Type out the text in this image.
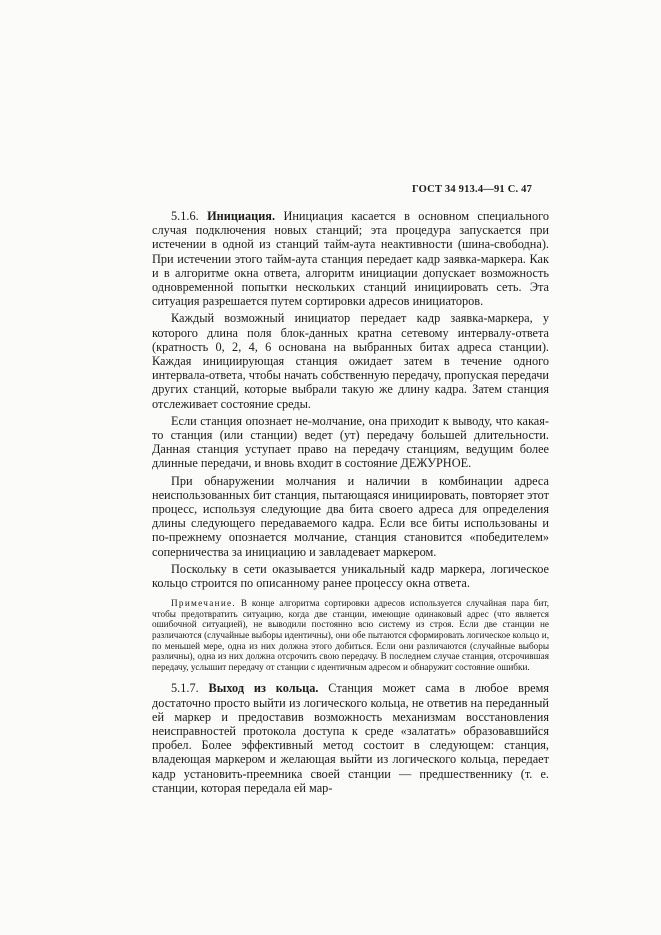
ГОСТ 34 913.4—91 С. 47

5.1.6. Инициация. Инициация касается в основном специального случая подключения новых станций; эта процедура запускается при истечении в одной из станций тайм-аута неактивности (шина-свободна). При истечении этого тайм-аута станция передает кадр заявка-маркера. Как и в алгоритме окна ответа, алгоритм инициации допускает возможность одновременной попытки нескольких станций инициировать сеть. Эта ситуация разрешается путем сортировки адресов инициаторов.

Каждый возможный инициатор передает кадр заявка-маркера, у которого длина поля блок-данных кратна сетевому интервалу-ответа (кратность 0, 2, 4, 6 основана на выбранных битах адреса станции). Каждая инициирующая станция ожидает затем в течение одного интервала-ответа, чтобы начать собственную передачу, пропуская передачи других станций, которые выбрали такую же длину кадра. Затем станция отслеживает состояние среды.

Если станция опознает не-молчание, она приходит к выводу, что какая-то станция (или станции) ведет (ут) передачу большей длительности. Данная станция уступает право на передачу станциям, ведущим более длинные передачи, и вновь входит в состояние ДЕЖУРНОЕ.

При обнаружении молчания и наличии в комбинации адреса неиспользованных бит станция, пытающаяся инициировать, повторяет этот процесс, используя следующие два бита своего адреса для определения длины следующего передаваемого кадра. Если все биты использованы и по-прежнему опознается молчание, станция становится «победителем» соперничества за инициацию и завладевает маркером.

Поскольку в сети оказывается уникальный кадр маркера, логическое кольцо строится по описанному ранее процессу окна ответа.

Примечание. В конце алгоритма сортировки адресов используется случайная пара бит, чтобы предотвратить ситуацию, когда две станции, имеющие одинаковый адрес (что является ошибочной ситуацией), не выводили постоянно всю систему из строя. Если две станции не различаются (случайные выборы идентичны), они обе пытаются сформировать логическое кольцо и, по меньшей мере, одна из них должна этого добиться. Если они различаются (случайные выборы различны), одна из них должна отсрочить свою передачу. В последнем случае станция, отсрочившая передачу, услышит передачу от станции с идентичным адресом и обнаружит состояние ошибки.

5.1.7. Выход из кольца. Станция может сама в любое время достаточно просто выйти из логического кольца, не ответив на переданный ей маркер и предоставив возможность механизмам восстановления неисправностей протокола доступа к среде «залатать» образовавшийся пробел. Более эффективный метод состоит в следующем: станция, владеющая маркером и желающая выйти из логического кольца, передает кадр установить-преемника своей станции — предшественнику (т. е. станции, которая передала ей мар-
